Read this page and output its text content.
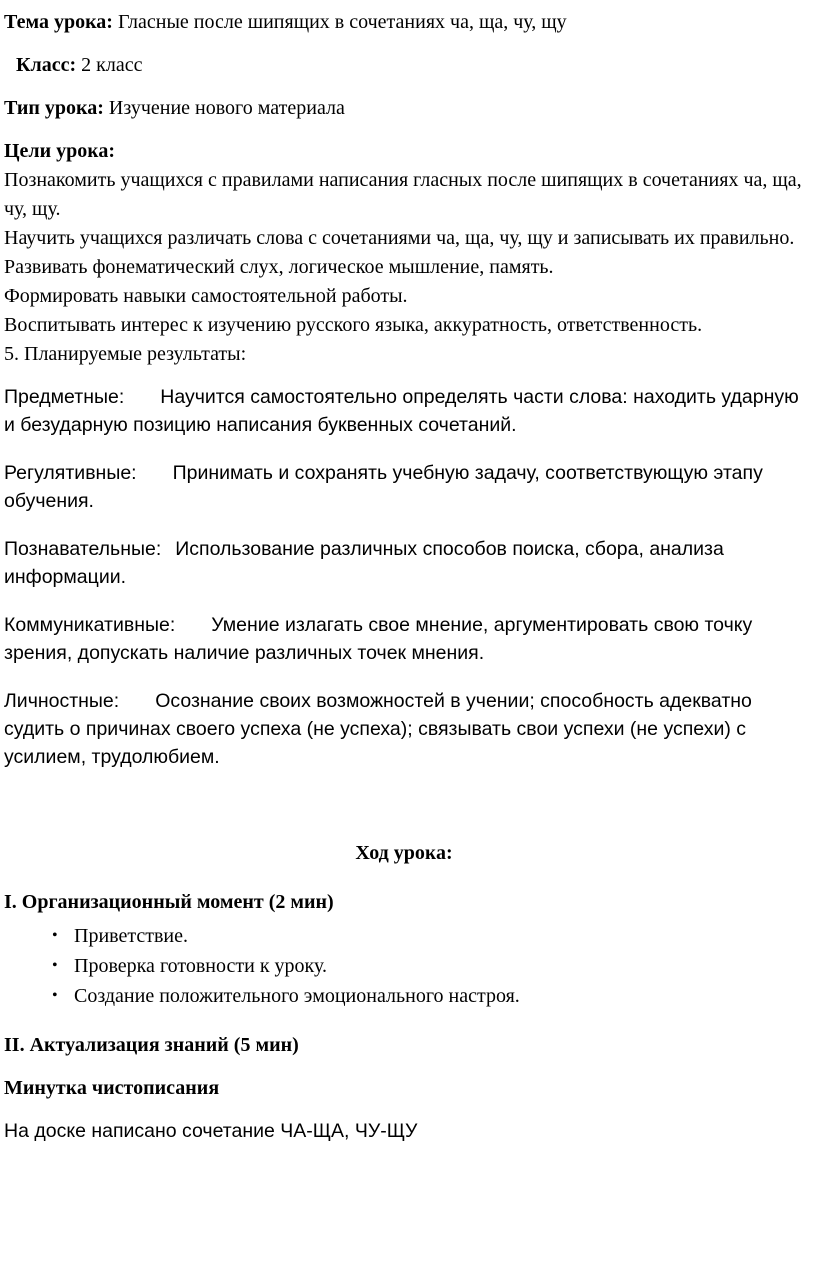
Тема урока: Гласные после шипящих в сочетаниях ча, ща, чу, щу

Класс: 2 класс

Тип урока: Изучение нового материала

Цели уроĸа:

Познакомить учащихся с правилами написания гласных после шипящих в сочетаниях ча, ща, чу, щу.

Научить учащихся различать слова с сочетаниями ча, ща, чу, щу и записывать их правильно.

Развивать фонематический слух, логическое мышление, память.

Формировать навыки самостоятельной работы.

Воспитывать интерес к изучению русского языка, аккуратность, ответственность.

5. Планируемые результаты:

Предметные: Научится самостоятельно определять части слова: находить ударную и безударную позицию написания буквенных сочетаний.

Регулятивные: Принимать и сохранять учебную задачу, соответствующую этапу обучения.

Познавательные: Использование различных способов поиска, сбора, анализа информации.

Коммуникативные: Умение излагать свое мнение, аргументировать свою точку зрения, допускать наличие различных точек мнения.

Личностные: Осознание своих возможностей в учении; способность адекватно судить о причинах своего успеха (не успеха); связывать свои успехи (не успехи) с усилием, трудолюбием.

Ход уроĸа:

I. Организационный момент (2 мин)

• Приветствие.
• Проверка готовности к уроку.
• Создание положительного эмоционального настроя.

II. Актуализация знаний (5 мин)

Минутĸа чистописания

На доске написано сочетание ЧА-ЩА, ЧУ-ЩУ
